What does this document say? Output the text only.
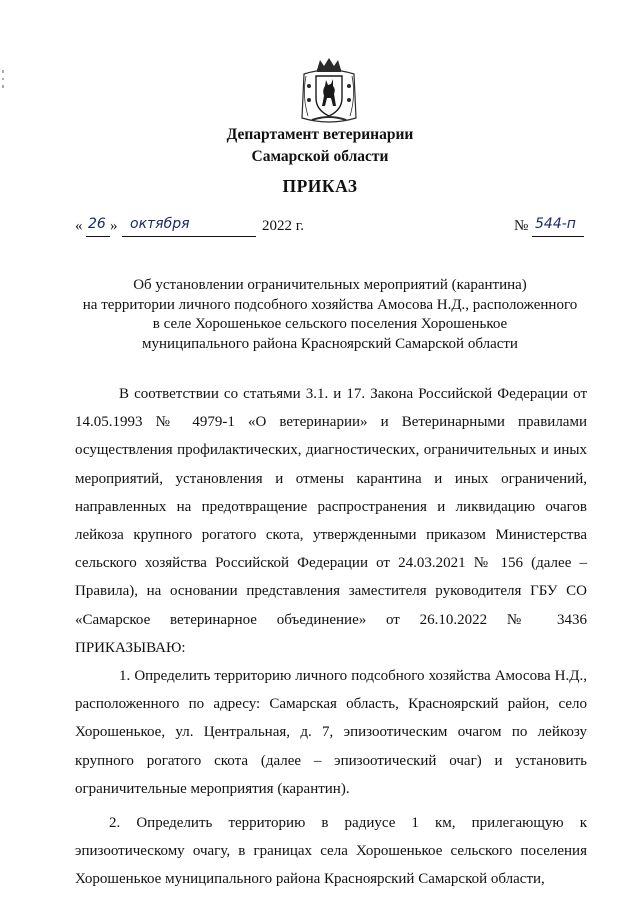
Департамент ветеринарии
Самарской области
ПРИКАЗ
« 26 » октября	2022 г.	№ 544-п
Об установлении ограничительных мероприятий (карантина)
на территории личного подсобного хозяйства Амосова Н.Д., расположенного
в селе Хорошенькое сельского поселения Хорошенькое
муниципального района Красноярский Самарской области

В соответствии со статьями 3.1. и 17. Закона Российской Федерации от 14.05.1993 № 4979-1 «О ветеринарии» и Ветеринарными правилами осуществления профилактических, диагностических, ограничительных и иных мероприятий, установления и отмены карантина и иных ограничений, направленных на предотвращение распространения и ликвидацию очагов лейкоза крупного рогатого скота, утвержденными приказом Министерства сельского хозяйства Российской Федерации от 24.03.2021 № 156 (далее – Правила), на основании представления заместителя руководителя ГБУ СО «Самарское ветеринарное объединение» от 26.10.2022 № 3436 ПРИКАЗЫВАЮ:

1. Определить территорию личного подсобного хозяйства Амосова Н.Д., расположенного по адресу: Самарская область, Красноярский район, село Хорошенькое, ул. Центральная, д. 7, эпизоотическим очагом по лейкозу крупного рогатого скота (далее – эпизоотический очаг) и установить ограничительные мероприятия (карантин).

2. Определить территорию в радиусе 1 км, прилегающую к эпизоотическому очагу, в границах села Хорошенькое сельского поселения Хорошенькое муниципального района Красноярский Самарской области,
